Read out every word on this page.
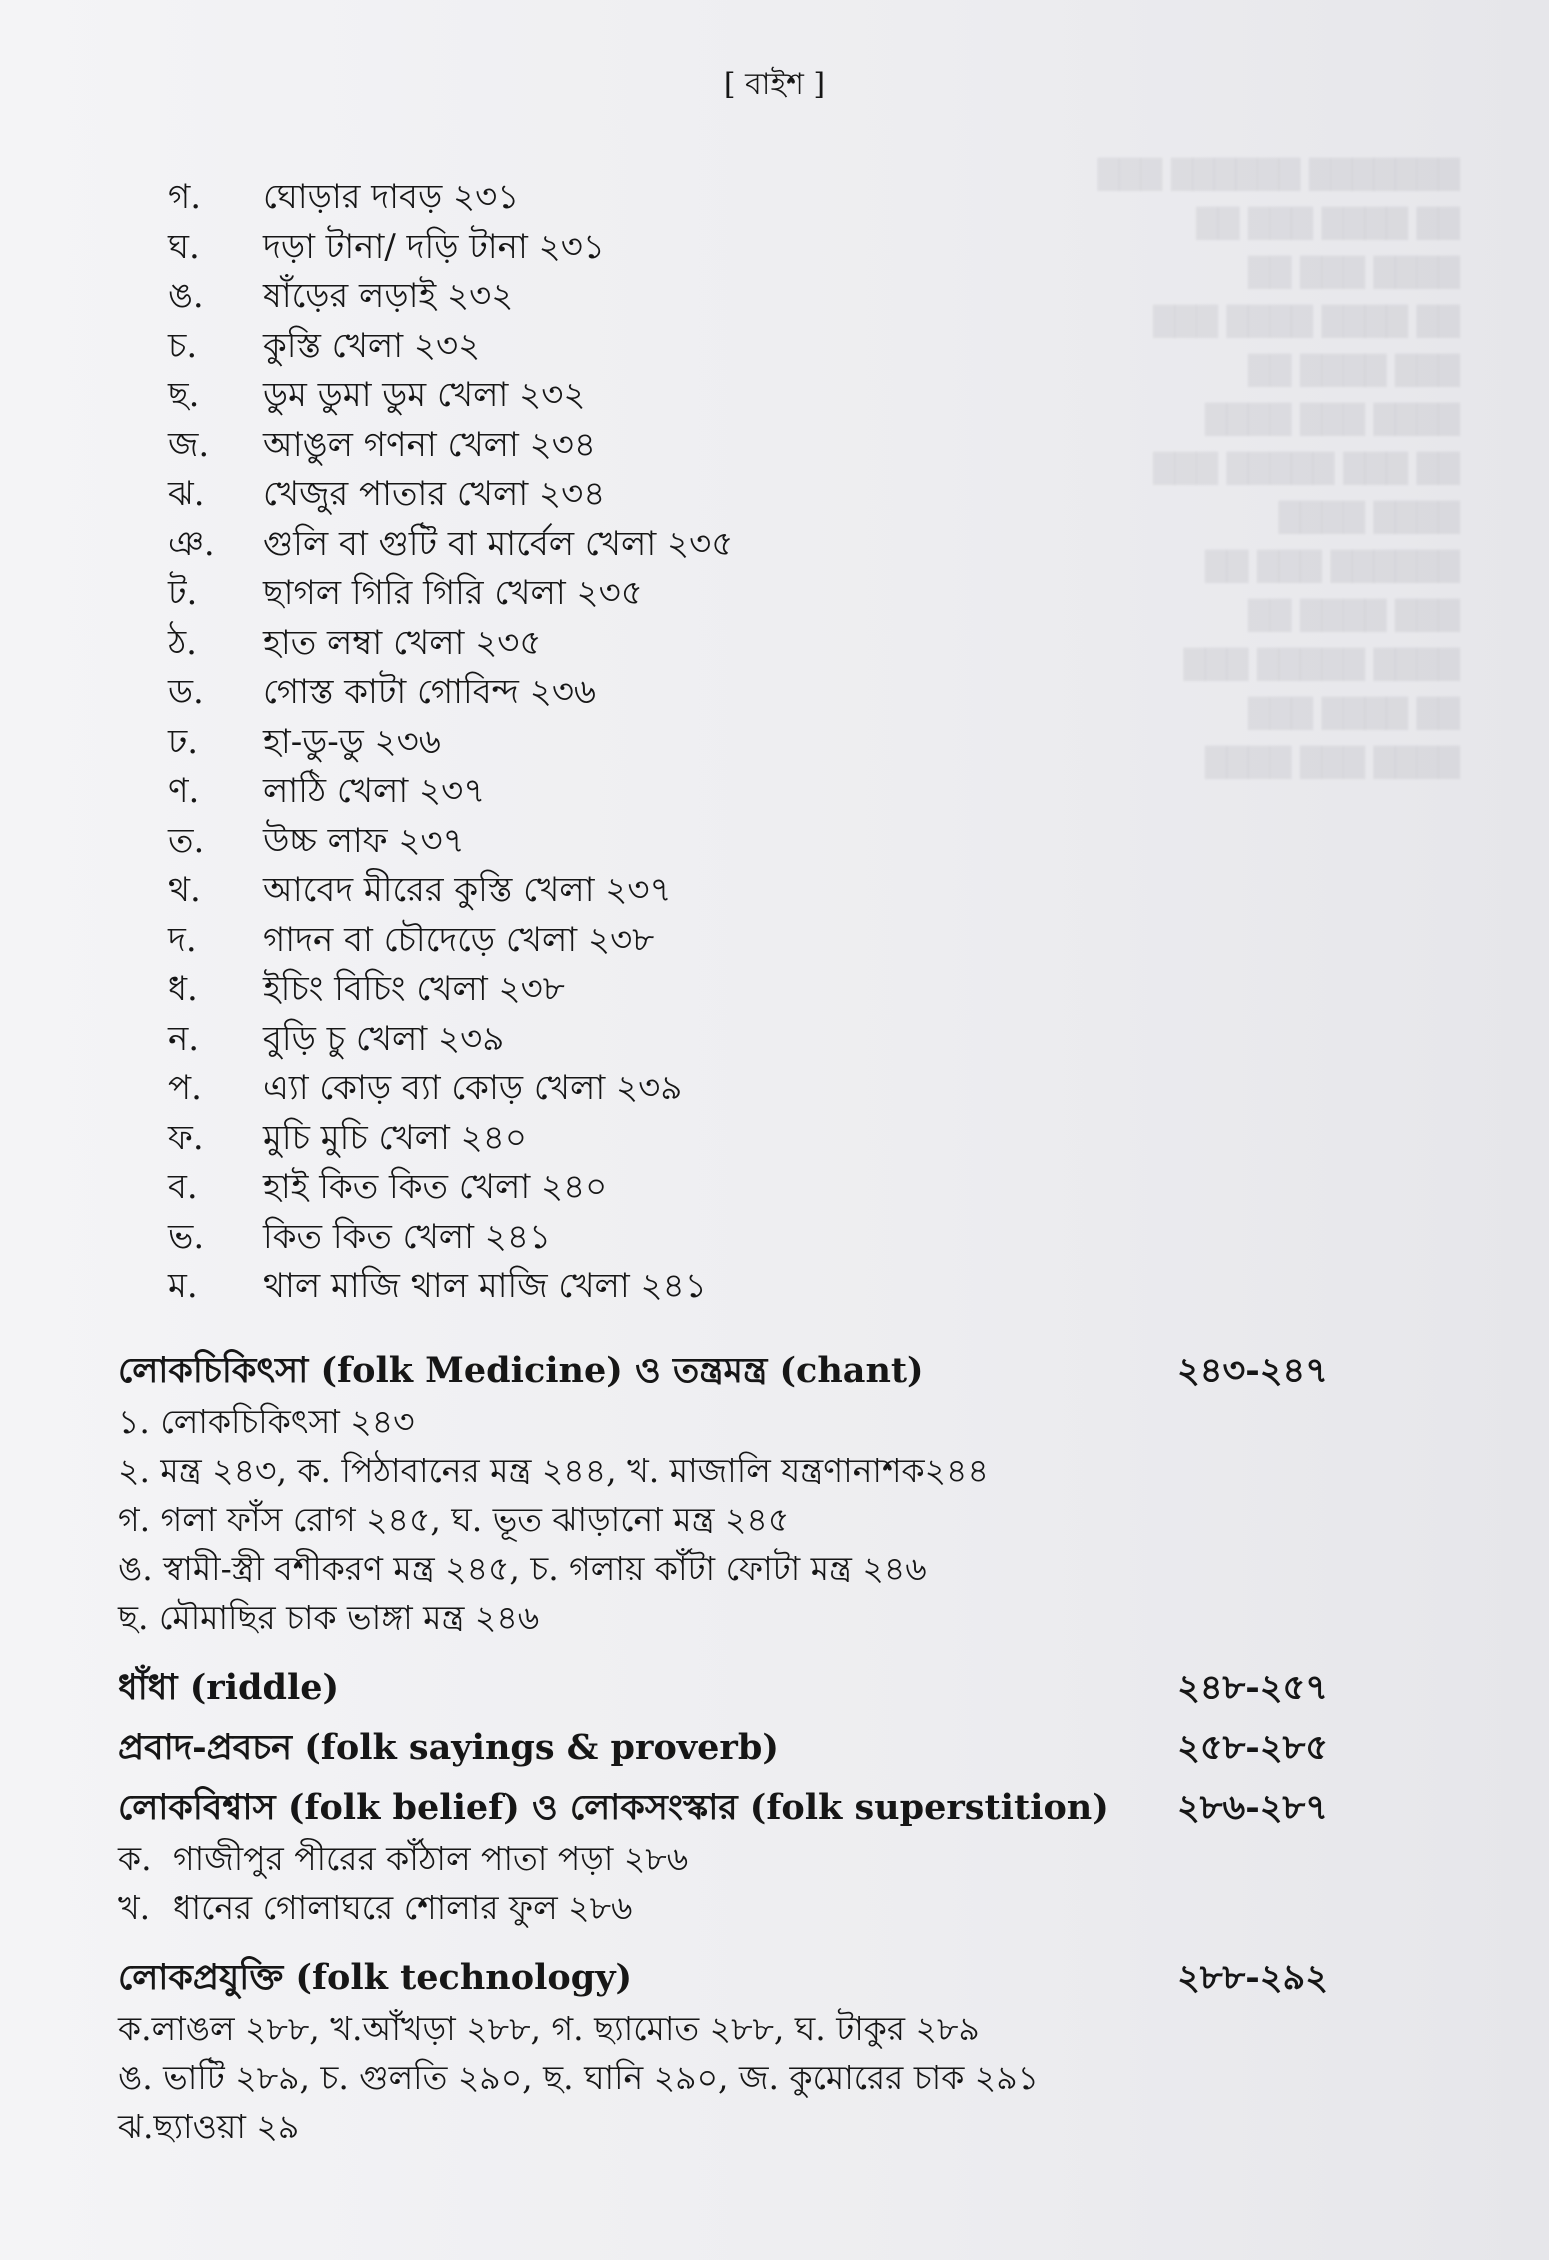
███████ ██████ ███
██ ████ ███ ██
████ ███ ██
██ ████ ████ ███
███ ████ ██
████ ███ ████
██ ███ █████ ███
████ ████
██████ ███ ██
███ ████ ██
████ █████ ███
██ ████ ███
████ ███ ████
[ বাইশ ]
গ.	ঘোড়ার দাবড় ২৩১
ঘ.	দড়া টানা/ দড়ি টানা ২৩১
ঙ.	ষাঁড়ের লড়াই ২৩২
চ.	কুস্তি খেলা ২৩২
ছ.	ডুম ডুমা ডুম খেলা ২৩২
জ.	আঙুল গণনা খেলা ২৩৪
ঝ.	খেজুর পাতার খেলা ২৩৪
ঞ.	গুলি বা গুটি বা মার্বেল খেলা ২৩৫
ট.	ছাগল গিরি গিরি খেলা ২৩৫
ঠ.	হাত লম্বা খেলা ২৩৫
ড.	গোস্ত কাটা গোবিন্দ ২৩৬
ঢ.	হা-ডু-ডু ২৩৬
ণ.	লাঠি খেলা ২৩৭
ত.	উচ্চ লাফ ২৩৭
থ.	আবেদ মীরের কুস্তি খেলা ২৩৭
দ.	গাদন বা চৌদেড়ে খেলা ২৩৮
ধ.	ইচিং বিচিং খেলা ২৩৮
ন.	বুড়ি চু খেলা ২৩৯
প.	এ্যা কোড় ব্যা কোড় খেলা ২৩৯
ফ.	মুচি মুচি খেলা ২৪০
ব.	হাই কিত কিত খেলা ২৪০
ভ.	কিত কিত খেলা ২৪১
ম.	থাল মাজি থাল মাজি খেলা ২৪১
লোকচিকিৎসা (folk Medicine) ও তন্ত্রমন্ত্র (chant)	২৪৩-২৪৭
১. লোকচিকিৎসা ২৪৩
২. মন্ত্র ২৪৩, ক. পিঠাবানের মন্ত্র ২৪৪, খ. মাজালি যন্ত্রণানাশক২৪৪
গ. গলা ফাঁস রোগ ২৪৫, ঘ. ভূত ঝাড়ানো মন্ত্র ২৪৫
ঙ. স্বামী-স্ত্রী বশীকরণ মন্ত্র ২৪৫, চ. গলায় কাঁটা ফোটা মন্ত্র ২৪৬
ছ. মৌমাছির চাক ভাঙ্গা মন্ত্র ২৪৬
ধাঁধা (riddle)	২৪৮-২৫৭
প্রবাদ-প্রবচন (folk sayings & proverb)	২৫৮-২৮৫
লোকবিশ্বাস (folk belief) ও লোকসংস্কার (folk superstition) ২৮৬-২৮৭
ক. গাজীপুর পীরের কাঁঠাল পাতা পড়া ২৮৬
খ. ধানের গোলাঘরে শোলার ফুল ২৮৬
লোকপ্রযুক্তি (folk technology)	২৮৮-২৯২
ক.লাঙল ২৮৮, খ.আঁখড়া ২৮৮, গ. ছ্যামোত ২৮৮, ঘ. টাকুর ২৮৯
ঙ. ভাটি ২৮৯, চ. গুলতি ২৯০, ছ. ঘানি ২৯০, জ. কুমোরের চাক ২৯১
ঝ.ছ্যাওয়া ২৯
